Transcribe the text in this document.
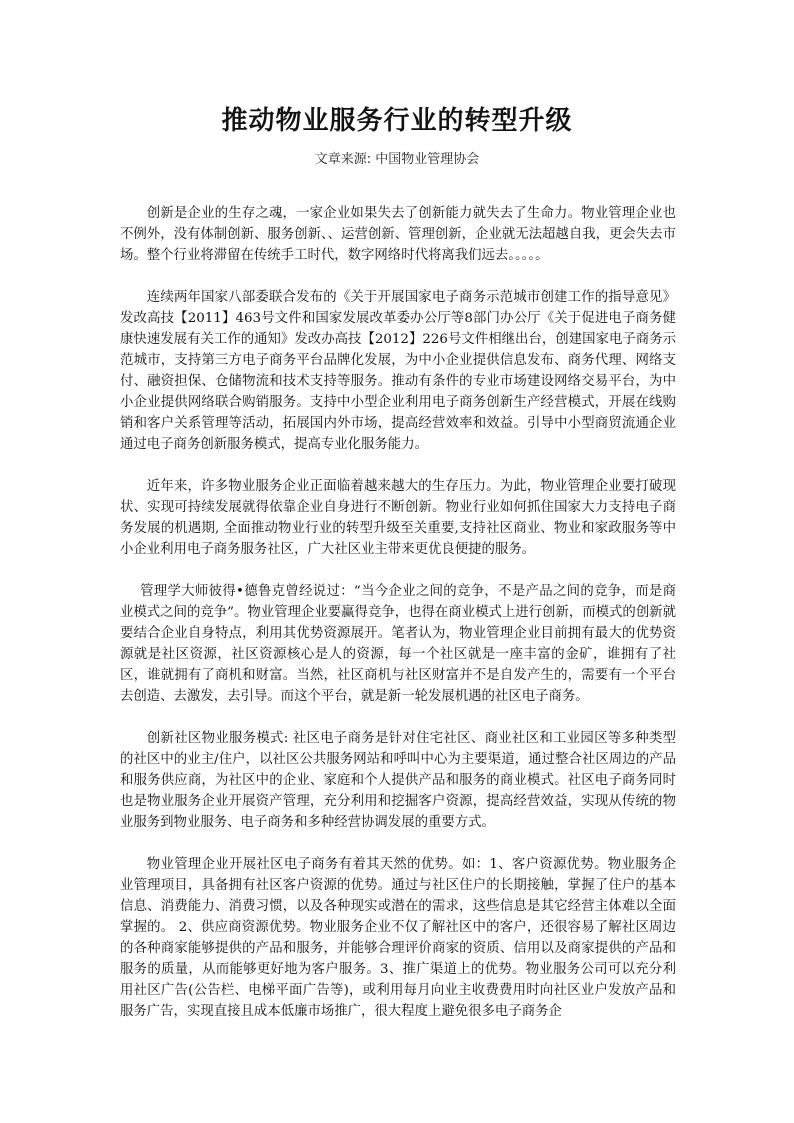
推动物业服务行业的转型升级
文章来源: 中国物业管理协会

创新是企业的生存之魂，一家企业如果失去了创新能力就失去了生命力。物业管理企业也不例外，没有体制创新、服务创新、、运营创新、管理创新，企业就无法超越自我，更会失去市场。整个行业将滞留在传统手工时代，数字网络时代将离我们远去。。。。。

连续两年国家八部委联合发布的《关于开展国家电子商务示范城市创建工作的指导意见》发改高技【2011】463号文件和国家发展改革委办公厅等8部门办公厅《关于促进电子商务健康快速发展有关工作的通知》发改办高技【2012】226号文件相继出台，创建国家电子商务示范城市，支持第三方电子商务平台品牌化发展，为中小企业提供信息发布、商务代理、网络支付、融资担保、仓储物流和技术支持等服务。推动有条件的专业市场建设网络交易平台，为中小企业提供网络联合购销服务。支持中小型企业利用电子商务创新生产经营模式，开展在线购销和客户关系管理等活动，拓展国内外市场，提高经营效率和效益。引导中小型商贸流通企业通过电子商务创新服务模式，提高专业化服务能力。

近年来，许多物业服务企业正面临着越来越大的生存压力。为此，物业管理企业要打破现状、实现可持续发展就得依靠企业自身进行不断创新。物业行业如何抓住国家大力支持电子商务发展的机遇期, 全面推动物业行业的转型升级至关重要,支持社区商业、物业和家政服务等中小企业利用电子商务服务社区，广大社区业主带来更优良便捷的服务。

管理学大师彼得•德鲁克曾经说过：“当今企业之间的竞争，不是产品之间的竞争，而是商业模式之间的竞争”。物业管理企业要赢得竞争，也得在商业模式上进行创新，而模式的创新就要结合企业自身特点，利用其优势资源展开。笔者认为，物业管理企业目前拥有最大的优势资源就是社区资源，社区资源核心是人的资源，每一个社区就是一座丰富的金矿，谁拥有了社区，谁就拥有了商机和财富。当然，社区商机与社区财富并不是自发产生的，需要有一个平台去创造、去激发，去引导。而这个平台，就是新一轮发展机遇的社区电子商务。

创新社区物业服务模式: 社区电子商务是针对住宅社区、商业社区和工业园区等多种类型的社区中的业主/住户，以社区公共服务网站和呼叫中心为主要渠道，通过整合社区周边的产品和服务供应商，为社区中的企业、家庭和个人提供产品和服务的商业模式。社区电子商务同时也是物业服务企业开展资产管理，充分利用和挖掘客户资源，提高经营效益，实现从传统的物业服务到物业服务、电子商务和多种经营协调发展的重要方式。

物业管理企业开展社区电子商务有着其天然的优势。如：1、客户资源优势。物业服务企业管理项目，具备拥有社区客户资源的优势。通过与社区住户的长期接触，掌握了住户的基本信息、消费能力、消费习惯，以及各种现实或潜在的需求，这些信息是其它经营主体难以全面掌握的。 2、供应商资源优势。物业服务企业不仅了解社区中的客户，还很容易了解社区周边的各种商家能够提供的产品和服务，并能够合理评价商家的资质、信用以及商家提供的产品和服务的质量，从而能够更好地为客户服务。3、推广渠道上的优势。物业服务公司可以充分利用社区广告(公告栏、电梯平面广告等)，或利用每月向业主收费费用时向社区业户发放产品和服务广告，实现直接且成本低廉市场推广，很大程度上避免很多电子商务企
